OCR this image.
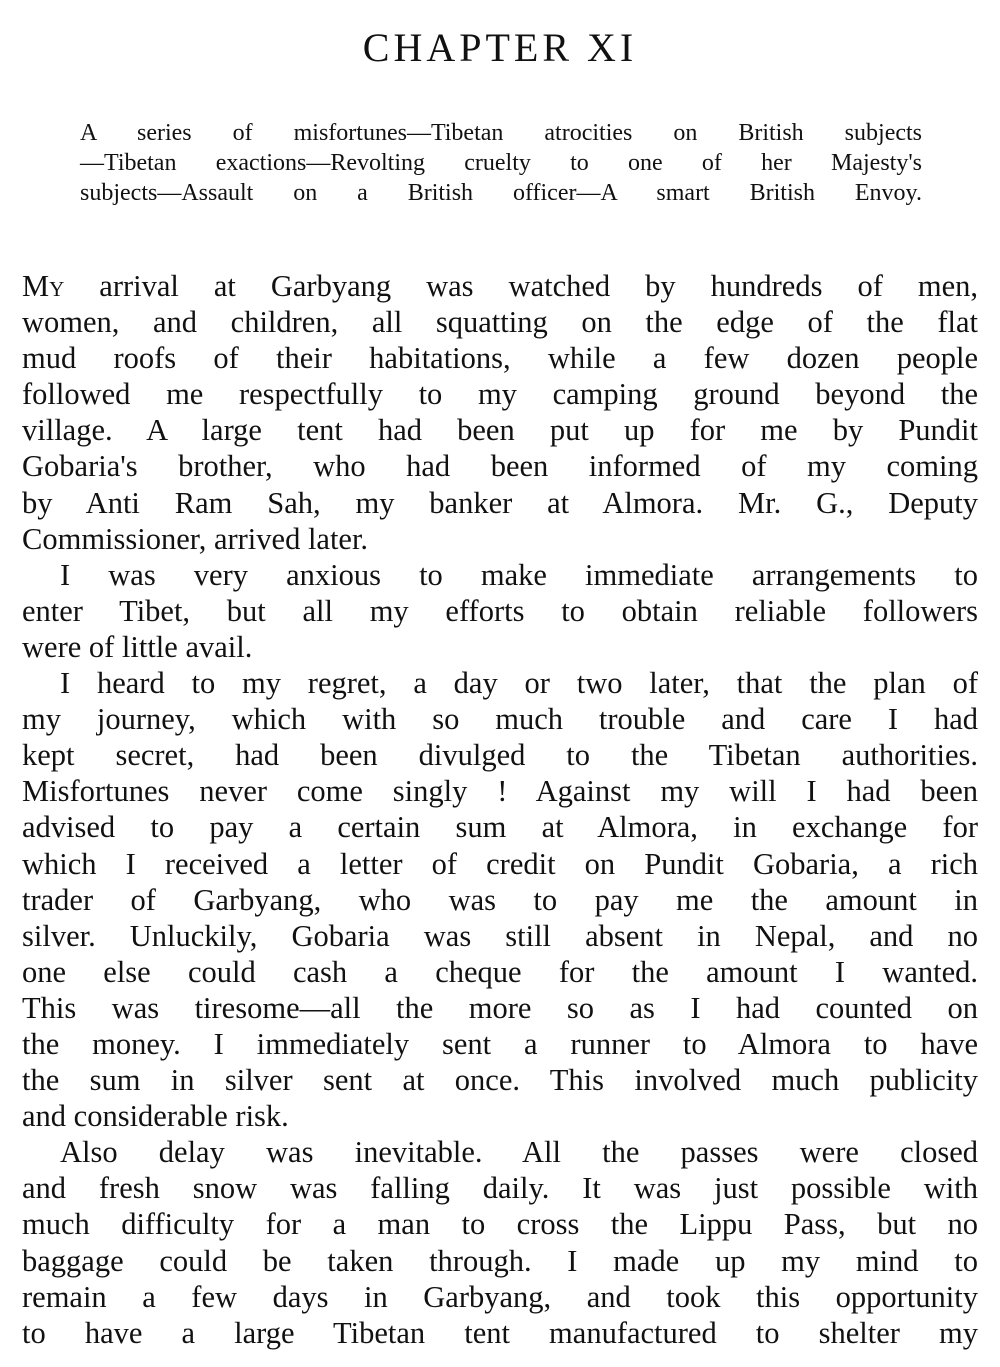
CHAPTER XI
A series of misfortunes—Tibetan atrocities on British subjects
—Tibetan exactions—Revolting cruelty to one of her Majesty's
subjects—Assault on a British officer—A smart British Envoy.
My arrival at Garbyang was watched by hundreds of men,
women, and children, all squatting on the edge of the flat
mud roofs of their habitations, while a few dozen people
followed me respectfully to my camping ground beyond the
village. A large tent had been put up for me by Pundit
Gobaria's brother, who had been informed of my coming
by Anti Ram Sah, my banker at Almora. Mr. G., Deputy
Commissioner, arrived later.
I was very anxious to make immediate arrangements to
enter Tibet, but all my efforts to obtain reliable followers
were of little avail.
I heard to my regret, a day or two later, that the plan of
my journey, which with so much trouble and care I had
kept secret, had been divulged to the Tibetan authorities.
Misfortunes never come singly ! Against my will I had been
advised to pay a certain sum at Almora, in exchange for
which I received a letter of credit on Pundit Gobaria, a rich
trader of Garbyang, who was to pay me the amount in
silver. Unluckily, Gobaria was still absent in Nepal, and no
one else could cash a cheque for the amount I wanted.
This was tiresome—all the more so as I had counted on
the money. I immediately sent a runner to Almora to have
the sum in silver sent at once. This involved much publicity
and considerable risk.
Also delay was inevitable. All the passes were closed
and fresh snow was falling daily. It was just possible with
much difficulty for a man to cross the Lippu Pass, but no
baggage could be taken through. I made up my mind to
remain a few days in Garbyang, and took this opportunity
to have a large Tibetan tent manufactured to shelter my
